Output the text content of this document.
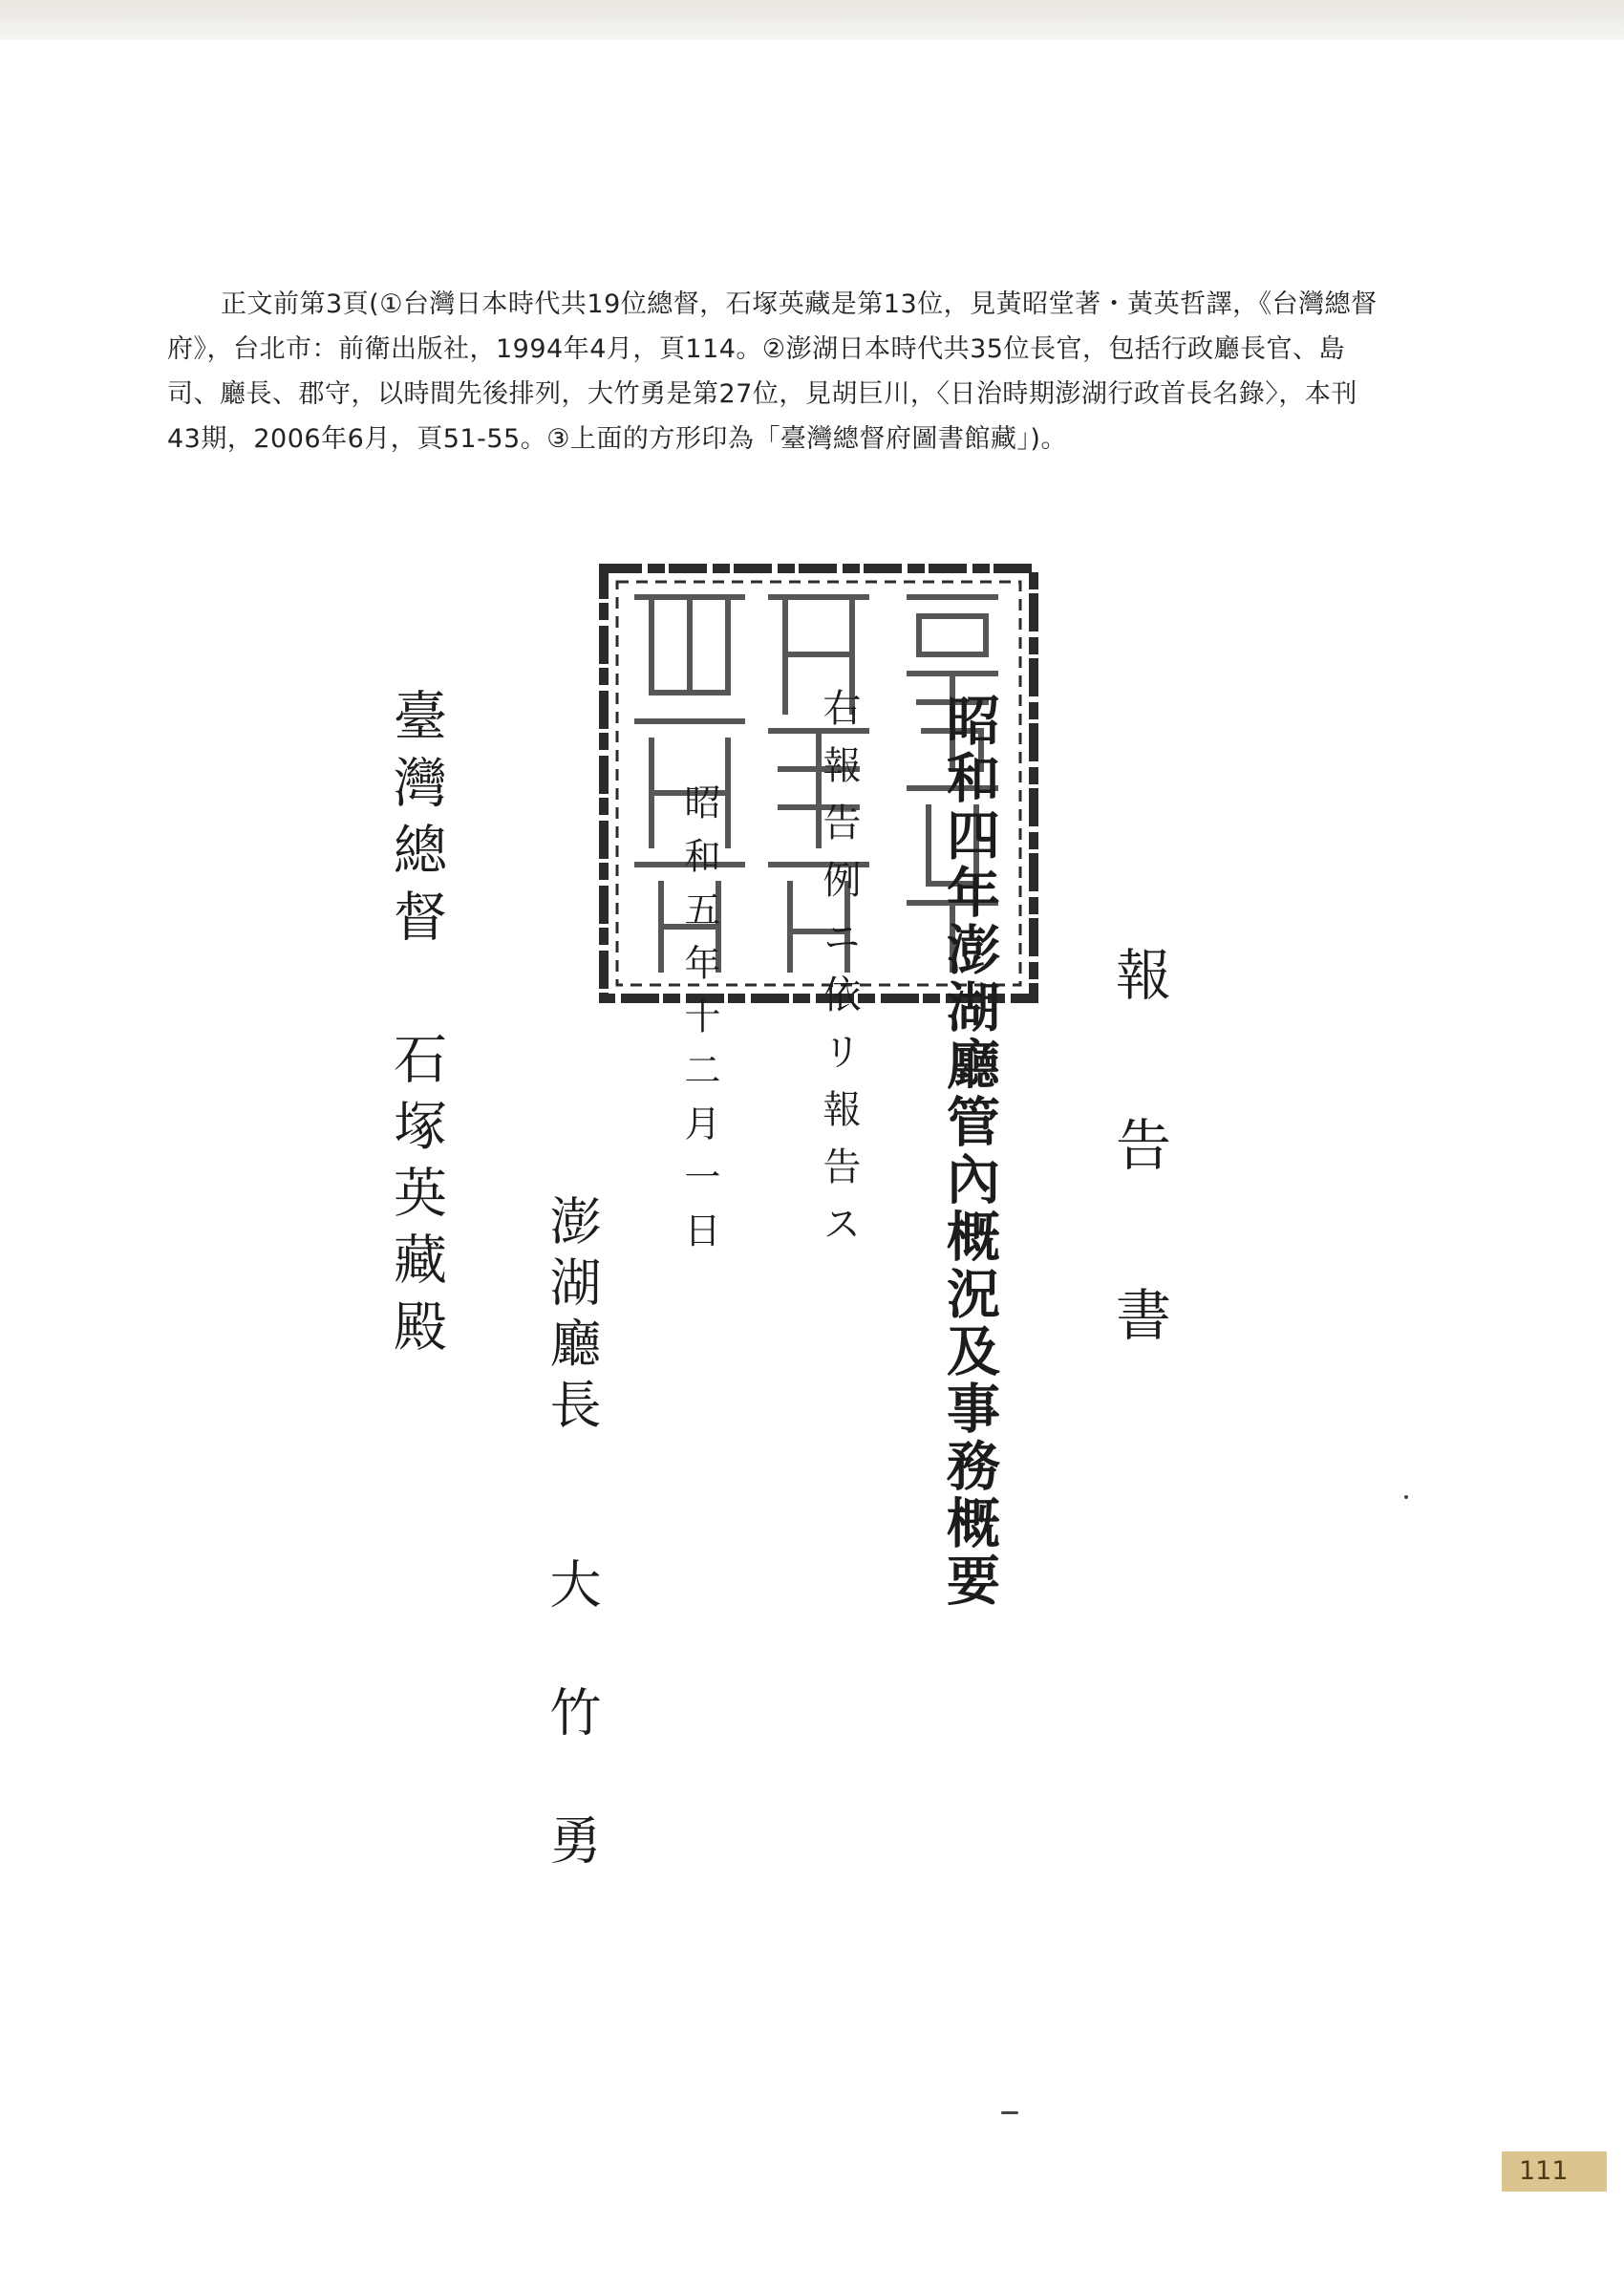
正文前第3頁(①台灣日本時代共19位總督，石塚英藏是第13位，見黃昭堂著・黃英哲譯，《台灣總督府》，台北市：前衛出版社，1994年4月，頁114。②澎湖日本時代共35位長官，包括行政廳長官、島司、廳長、郡守，以時間先後排列，大竹勇是第27位，見胡巨川，〈日治時期澎湖行政首長名錄〉，本刊43期，2006年6月，頁51-55。③上面的方形印為「臺灣總督府圖書館藏」)。

報告書
昭和四年澎湖廳管內概況及事務概要
右報告例ニ依リ報告ス
昭和五年十二月一日
澎湖廳長
大竹勇
臺灣總督 石塚英藏殿
111
